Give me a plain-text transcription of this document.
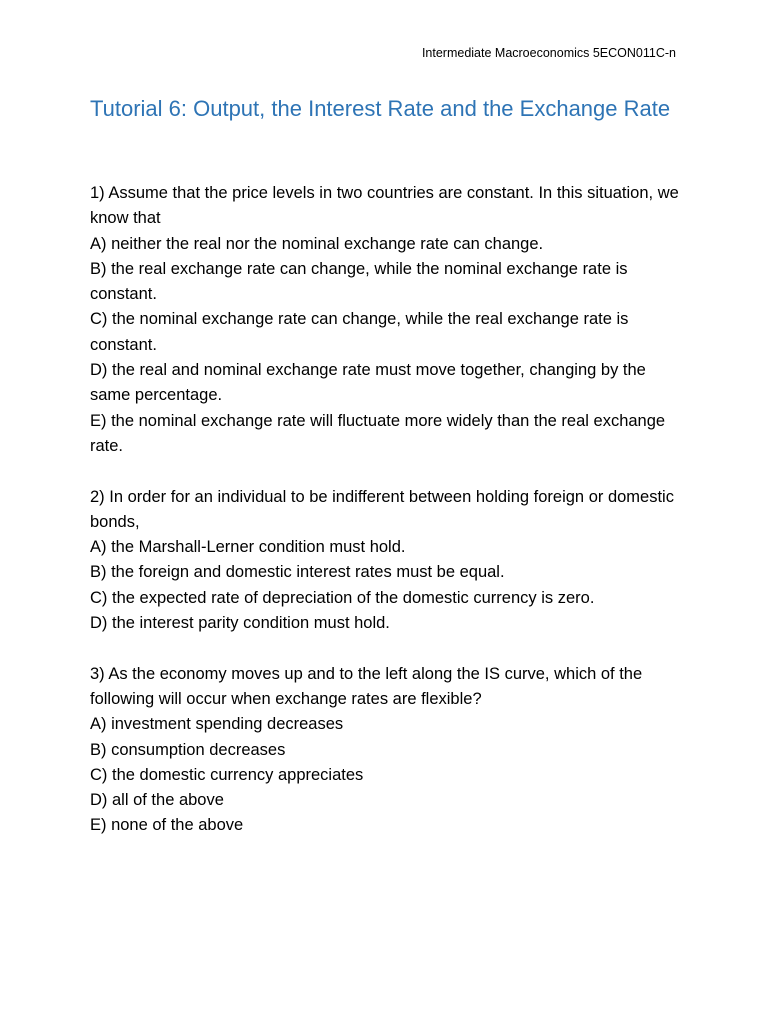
Intermediate Macroeconomics 5ECON011C-n
Tutorial 6: Output, the Interest Rate and the Exchange Rate

1) Assume that the price levels in two countries are constant. In this situation, we know that

A) neither the real nor the nominal exchange rate can change.

B) the real exchange rate can change, while the nominal exchange rate is constant.

C) the nominal exchange rate can change, while the real exchange rate is constant.

D) the real and nominal exchange rate must move together, changing by the same percentage.

E) the nominal exchange rate will fluctuate more widely than the real exchange rate.

2) In order for an individual to be indifferent between holding foreign or domestic bonds,

A) the Marshall-Lerner condition must hold.

B) the foreign and domestic interest rates must be equal.

C) the expected rate of depreciation of the domestic currency is zero.

D) the interest parity condition must hold.

3) As the economy moves up and to the left along the IS curve, which of the following will occur when exchange rates are flexible?

A) investment spending decreases

B) consumption decreases

C) the domestic currency appreciates

D) all of the above

E) none of the above
